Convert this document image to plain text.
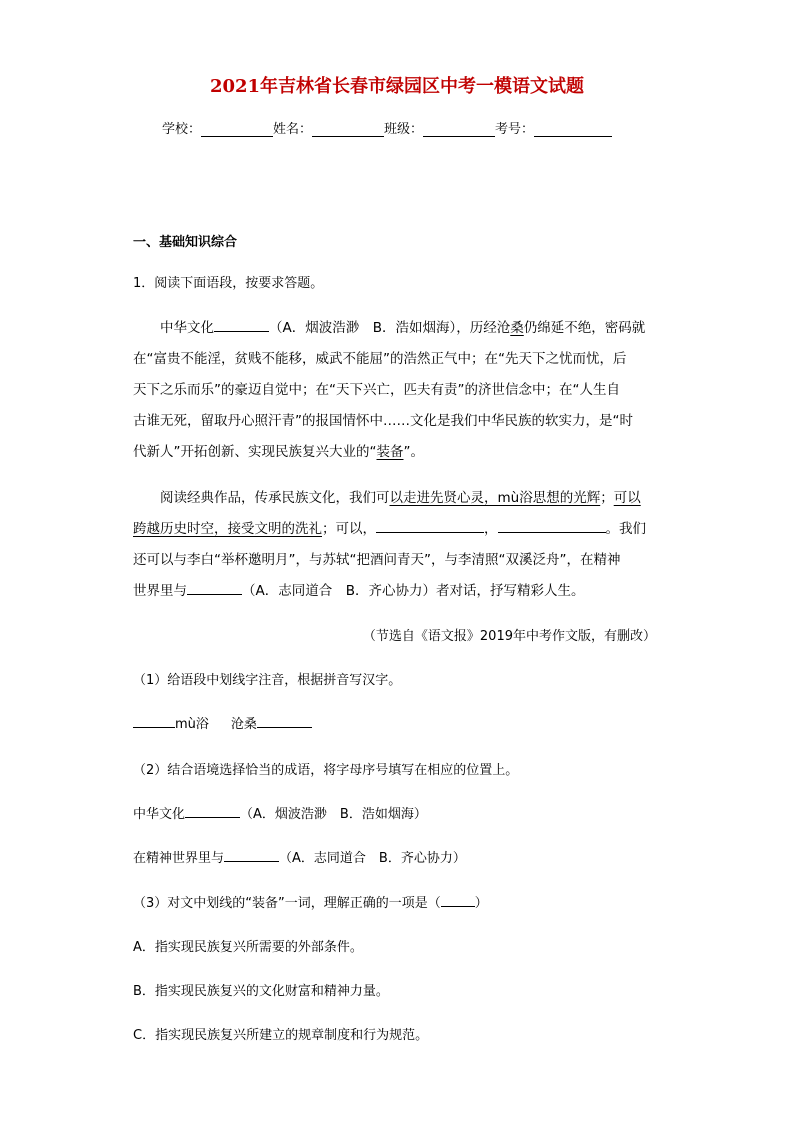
2021年吉林省长春市绿园区中考一模语文试题
学校：	姓名：	班级：	考号：
一、基础知识综合
1．阅读下面语段，按要求答题。
中华文化	（A．烟波浩渺　B．浩如烟海），历经沧桑仍绵延不绝，密码就
在“富贵不能淫，贫贱不能移，威武不能屈”的浩然正气中；在“先天下之忧而忧，后
天下之乐而乐”的豪迈自觉中；在“天下兴亡，匹夫有责”的济世信念中；在“人生自
古谁无死，留取丹心照汗青”的报国情怀中……文化是我们中华民族的软实力，是“时
代新人”开拓创新、实现民族复兴大业的“装备”。
阅读经典作品，传承民族文化，我们可以走进先贤心灵，mù浴思想的光辉；可以
跨越历史时空，接受文明的洗礼；可以，	，	。我们
还可以与李白“举杯邀明月”，与苏轼“把酒问青天”，与李清照“双溪泛舟”，在精神
世界里与	（A．志同道合　B．齐心协力）者对话，抒写精彩人生。
（节选自《语文报》2019年中考作文版，有删改）
（1）给语段中划线字注音，根据拼音写汉字。
mù浴 沧桑
（2）结合语境选择恰当的成语，将字母序号填写在相应的位置上。
中华文化	（A．烟波浩渺　B．浩如烟海）
在精神世界里与	（A．志同道合　B．齐心协力）
（3）对文中划线的“装备”一词，理解正确的一项是（	）
A．指实现民族复兴所需要的外部条件。
B．指实现民族复兴的文化财富和精神力量。
C．指实现民族复兴所建立的规章制度和行为规范。
